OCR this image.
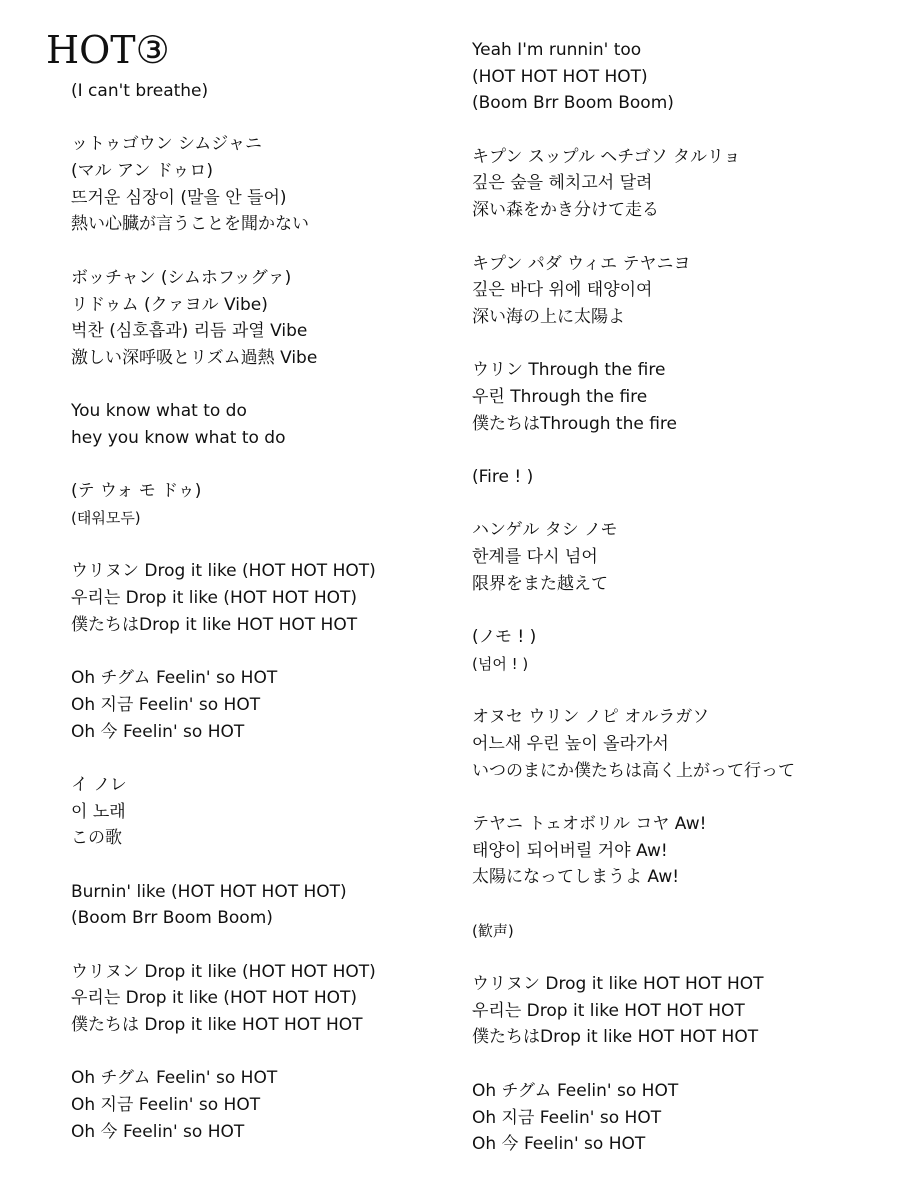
HOT③
(I can't breathe)
ットゥゴウン シムジャニ
(マル アン ドゥロ)
뜨거운 심장이 (말을 안 들어)
熱い心臓が言うことを聞かない
ボッチャン (シムホフッグァ)
リドゥム (クァヨル Vibe)
벅찬 (심호흡과) 리듬 과열 Vibe
激しい深呼吸とリズム過熱 Vibe
You know what to do
hey you know what to do
(テ ウォ モ ドゥ)
(태워모두)
ウリヌン Drog it like (HOT HOT HOT)
우리는 Drop it like (HOT HOT HOT)
僕たちはDrop it like HOT HOT HOT
Oh チグム Feelin' so HOT
Oh 지금 Feelin' so HOT
Oh 今 Feelin' so HOT
イ ノレ
이 노래
この歌
Burnin' like (HOT HOT HOT HOT)
(Boom Brr Boom Boom)
ウリヌン Drop it like (HOT HOT HOT)
우리는 Drop it like (HOT HOT HOT)
僕たちは Drop it like HOT HOT HOT
Oh チグム Feelin' so HOT
Oh 지금 Feelin' so HOT
Oh 今 Feelin' so HOT
Yeah I'm runnin' too
(HOT HOT HOT HOT)
(Boom Brr Boom Boom)
キプン スップル ヘチゴソ タルリョ
깊은 숲을 헤치고서 달려
深い森をかき分けて走る
キプン パダ ウィエ テヤニヨ
깊은 바다 위에 태양이여
深い海の上に太陽よ
ウリン Through the fire
우린 Through the fire
僕たちはThrough the fire
(Fire ! )
ハンゲル タシ ノモ
한계를 다시 넘어
限界をまた越えて
(ノモ ! )
(넘어 ! )
オヌセ ウリン ノピ オルラガソ
어느새 우린 높이 올라가서
いつのまにか僕たちは高く上がって行って
テヤニ トェオボリル コヤ Aw!
태양이 되어버릴 거야 Aw!
太陽になってしまうよ Aw!
(歓声)
ウリヌン Drog it like HOT HOT HOT
우리는 Drop it like HOT HOT HOT
僕たちはDrop it like HOT HOT HOT
Oh チグム Feelin' so HOT
Oh 지금 Feelin' so HOT
Oh 今 Feelin' so HOT
